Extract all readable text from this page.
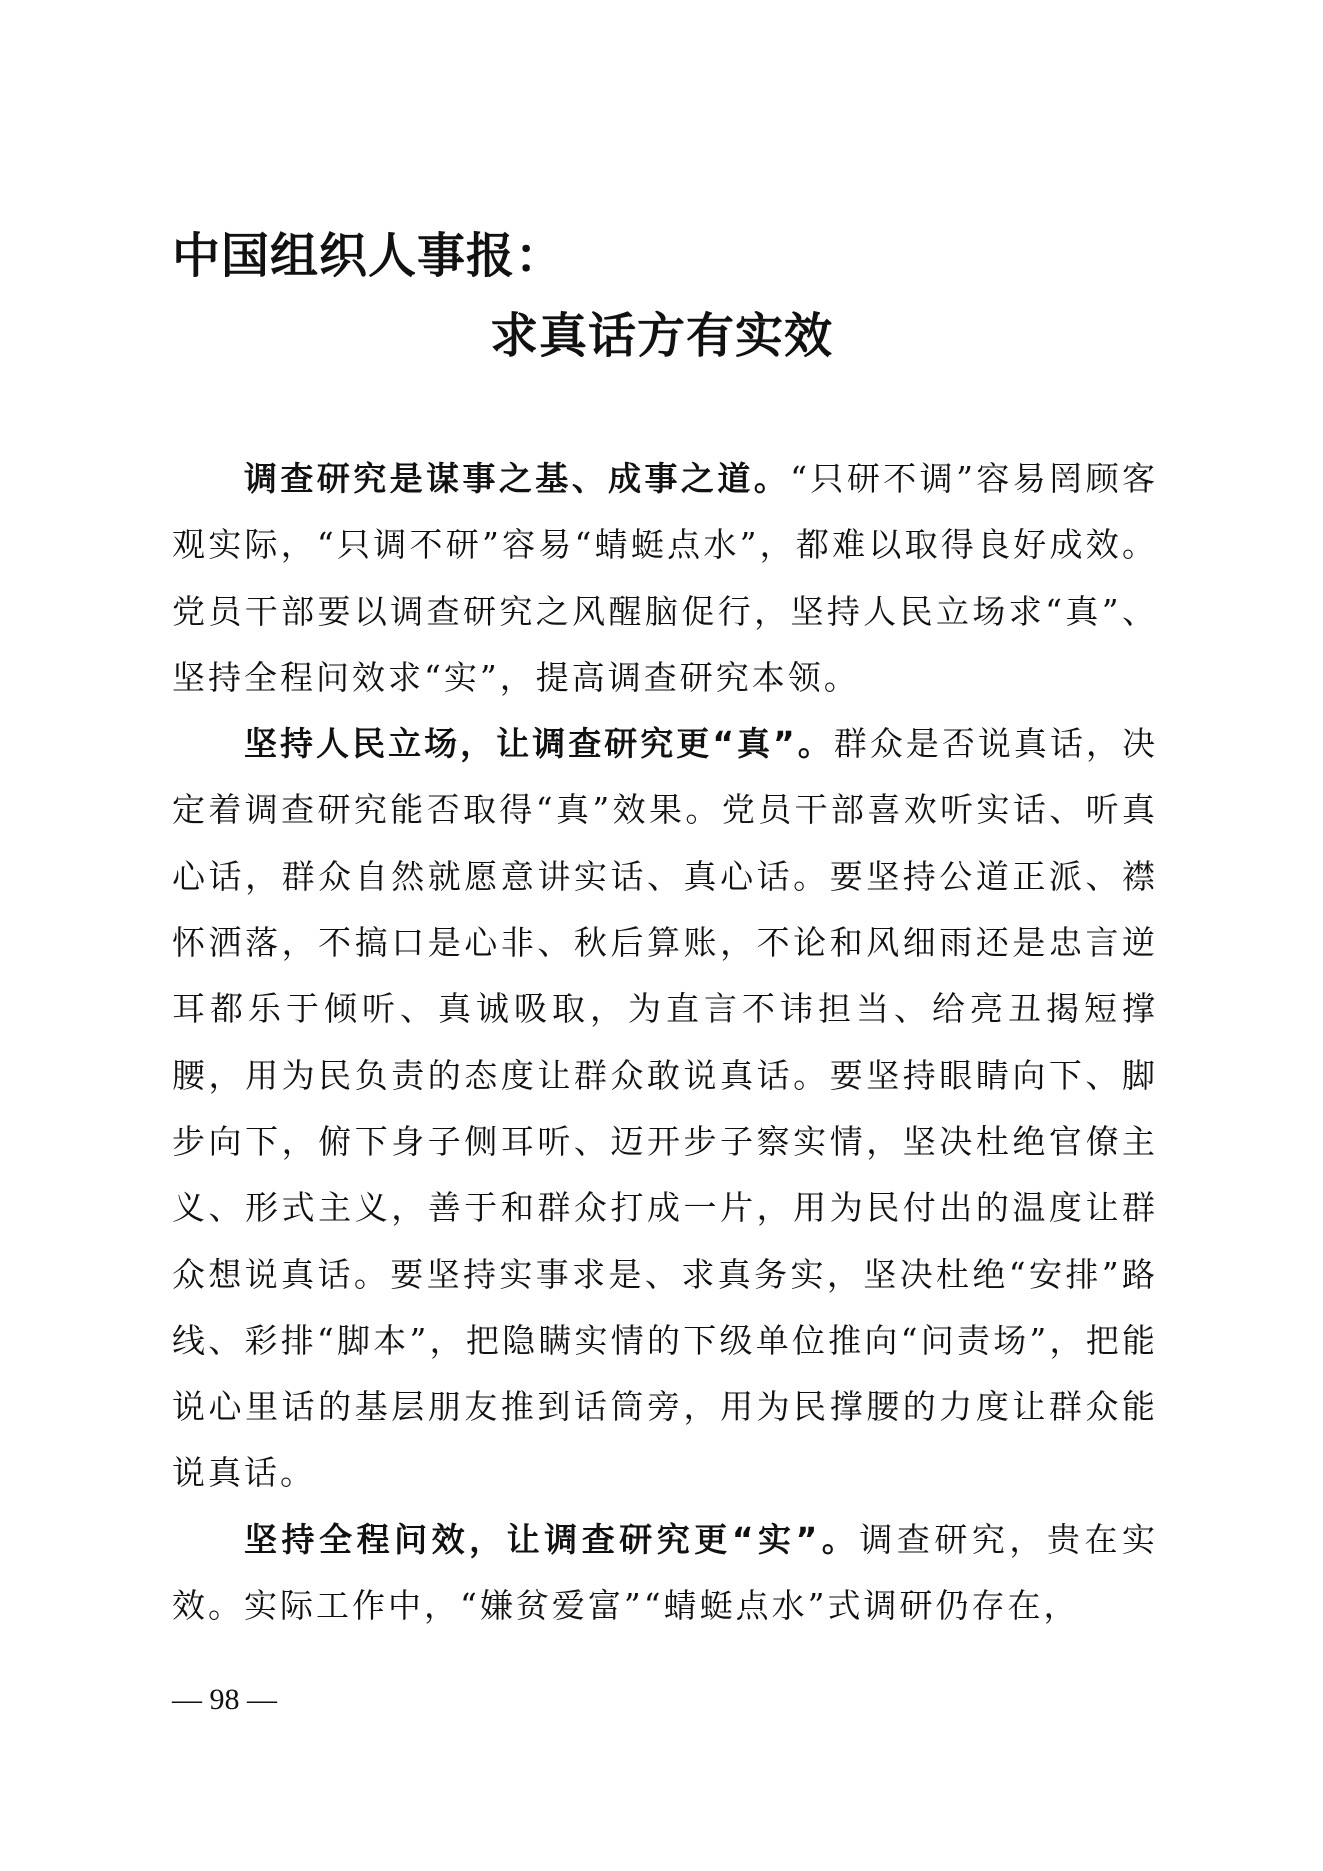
中国组织人事报：
求真话方有实效

调查研究是谋事之基、成事之道。“只研不调”容易罔顾客观实际，“只调不研”容易“蜻蜓点水”，都难以取得良好成效。党员干部要以调查研究之风醒脑促行，坚持人民立场求“真”、坚持全程问效求“实”，提高调查研究本领。

坚持人民立场，让调查研究更“真”。群众是否说真话，决定着调查研究能否取得“真”效果。党员干部喜欢听实话、听真心话，群众自然就愿意讲实话、真心话。要坚持公道正派、襟怀洒落，不搞口是心非、秋后算账，不论和风细雨还是忠言逆耳都乐于倾听、真诚吸取，为直言不讳担当、给亮丑揭短撑腰，用为民负责的态度让群众敢说真话。要坚持眼睛向下、脚步向下，俯下身子侧耳听、迈开步子察实情，坚决杜绝官僚主义、形式主义，善于和群众打成一片，用为民付出的温度让群众想说真话。要坚持实事求是、求真务实，坚决杜绝“安排”路线、彩排“脚本”，把隐瞒实情的下级单位推向“问责场”，把能说心里话的基层朋友推到话筒旁，用为民撑腰的力度让群众能说真话。

坚持全程问效，让调查研究更“实”。调查研究，贵在实效。实际工作中，“嫌贫爱富”“蜻蜓点水”式调研仍存在，

— 98 —
